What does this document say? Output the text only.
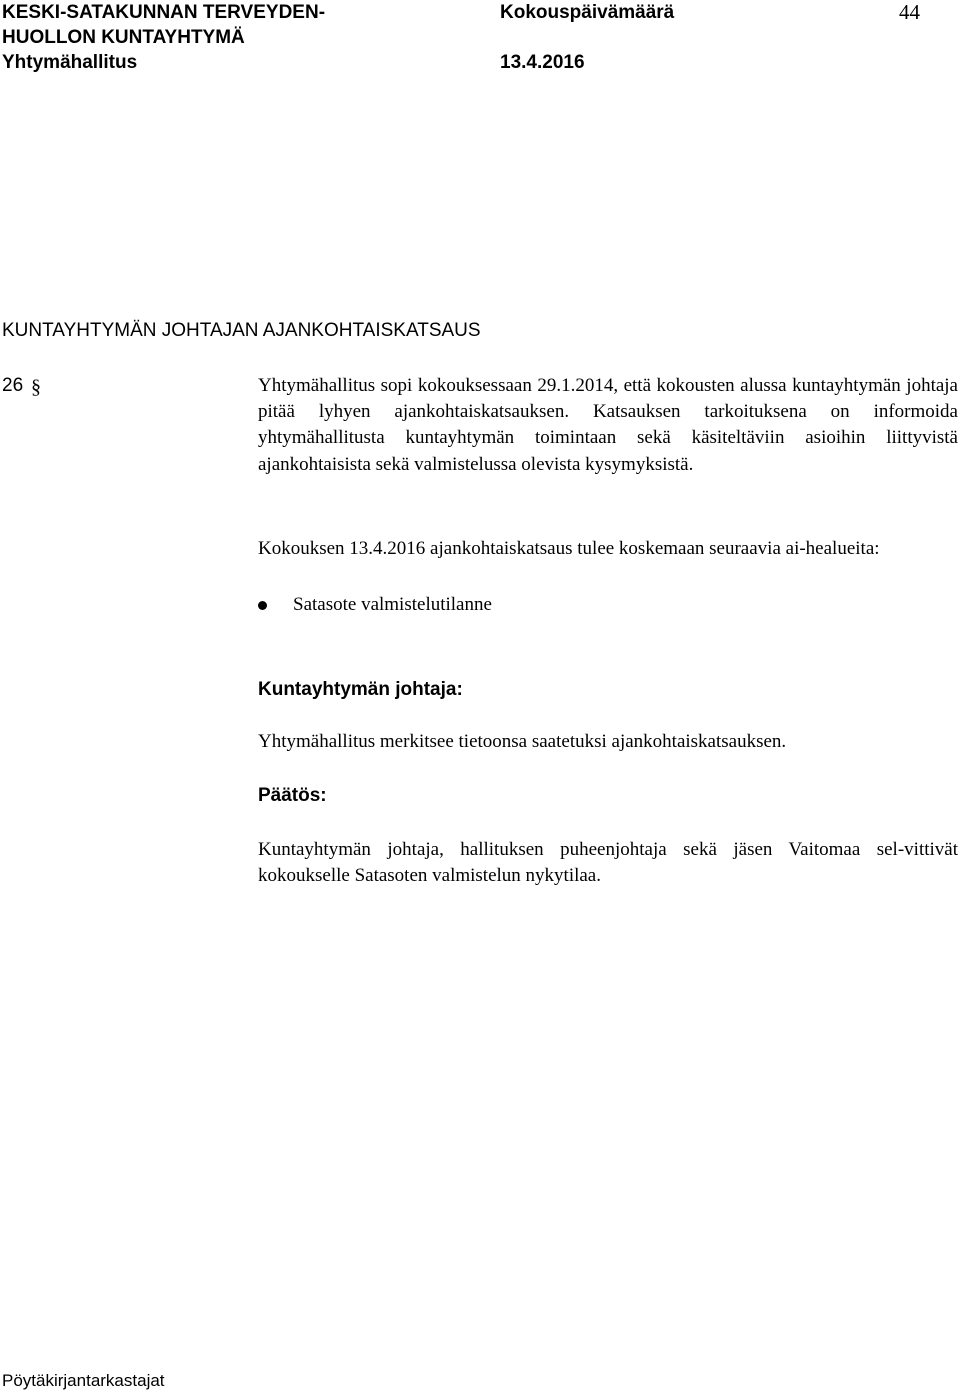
KESKI-SATAKUNNAN TERVEYDEN-
HUOLLON KUNTAYHTYMÄ
Yhtymähallitus
Kokouspäivämäärä
13.4.2016
44
KUNTAYHTYMÄN JOHTAJAN AJANKOHTAISKATSAUS
26 §	Yhtymähallitus sopi kokouksessaan 29.1.2014, että kokousten alussa kuntayhtymän johtaja pitää lyhyen ajankohtaiskatsauksen. Katsauksen tarkoituksena on informoida yhtymähallitusta kuntayhtymän toimintaan sekä käsiteltäviin asioihin liittyvistä ajankohtaisista sekä valmistelussa olevista kysymyksistä.
Kokouksen 13.4.2016 ajankohtaiskatsaus tulee koskemaan seuraavia ai-healueita:
Satasote valmistelutilanne
Kuntayhtymän johtaja:
Yhtymähallitus merkitsee tietoonsa saatetuksi ajankohtaiskatsauksen.
Päätös:
Kuntayhtymän johtaja, hallituksen puheenjohtaja sekä jäsen Vaitomaa sel-vittivät kokoukselle Satasoten valmistelun nykytilaa.
Pöytäkirjantarkastajat
